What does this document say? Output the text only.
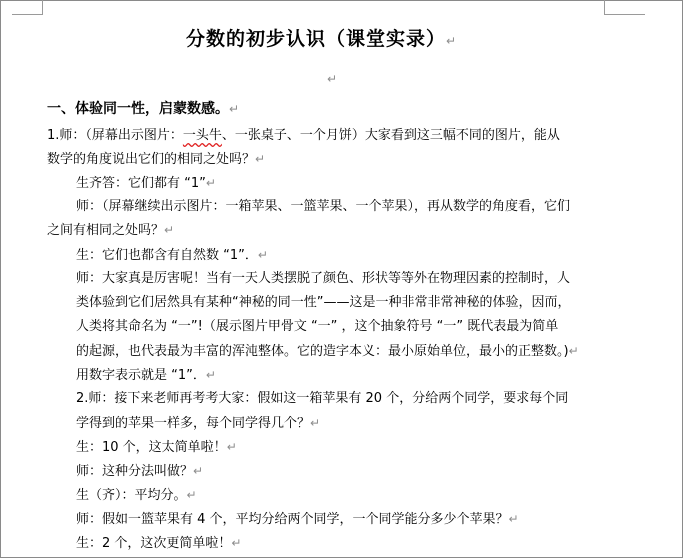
分数的初步认识（课堂实录）↵
↵
一、体验同一性，启蒙数感。↵
1.师：（屏幕出示图片：一头牛、一张桌子、一个月饼）大家看到这三幅不同的图片，能从
数学的角度说出它们的相同之处吗？↵
生齐答：它们都有 “1”↵
师：（屏幕继续出示图片：一箱苹果、一篮苹果、一个苹果），再从数学的角度看，它们
之间有相同之处吗？↵
生：它们也都含有自然数 “1”．↵
师：大家真是厉害呢！当有一天人类摆脱了颜色、形状等等外在物理因素的控制时，人
类体验到它们居然具有某种“神秘的同一性”——这是一种非常非常神秘的体验，因而，
人类将其命名为 “一”!（展示图片甲骨文 “一” ，这个抽象符号 “一” 既代表最为简单
的起源，也代表最为丰富的浑沌整体。它的造字本义：最小原始单位，最小的正整数。)↵
用数字表示就是 “1”．↵
2.师：接下来老师再考考大家：假如这一箱苹果有 20 个，分给两个同学，要求每个同
学得到的苹果一样多，每个同学得几个？↵
生：10 个，这太简单啦！↵
师：这种分法叫做？↵
生（齐）：平均分。↵
师：假如一篮苹果有 4 个，平均分给两个同学，一个同学能分多少个苹果？↵
生：2 个，这次更简单啦！↵
